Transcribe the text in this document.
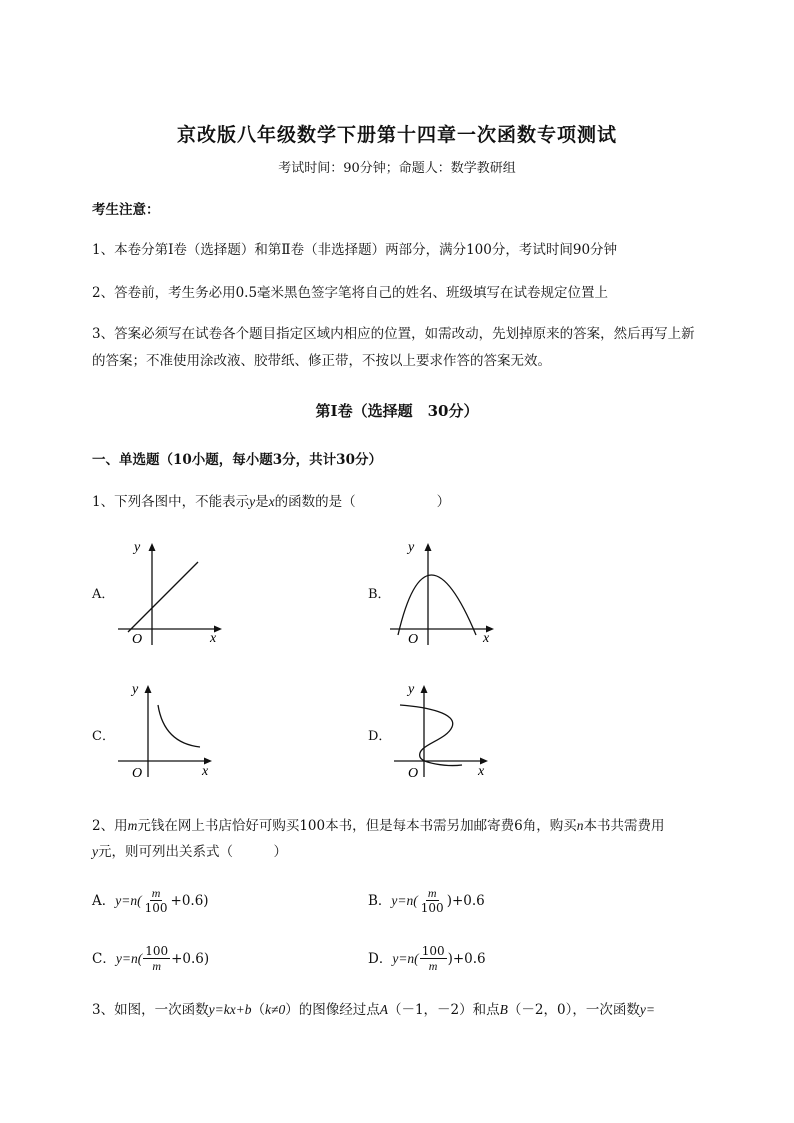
京改版八年级数学下册第十四章一次函数专项测试
考试时间：90分钟；命题人：数学教研组
考生注意：
1、本卷分第I卷（选择题）和第Ⅱ卷（非选择题）两部分，满分100分，考试时间90分钟
2、答卷前，考生务必用0.5毫米黑色签字笔将自己的姓名、班级填写在试卷规定位置上
3、答案必须写在试卷各个题目指定区域内相应的位置，如需改动，先划掉原来的答案，然后再写上新
的答案；不准使用涂改液、胶带纸、修正带，不按以上要求作答的答案无效。
第I卷（选择题　30分）
一、单选题（10小题，每小题3分，共计30分）
1、下列各图中，不能表示y是x的函数的是（　　　　　　）
A．	B．
C．	D．
y
x
O
y
x
O
y
x
O
y
x
O
2、用m元钱在网上书店恰好可购买100本书，但是每本书需另加邮寄费6角，购买n本书共需费用
y元，则可列出关系式（　　　）
A． $y=n( \frac{m}{100} +0.6)$	B． $y=n( \frac{m}{100} )+0.6$
C． $y=n( \frac{100}{m} +0.6)$	D． $y=n( \frac{100}{m} )+0.6$
3、如图，一次函数y=kx+b（k≠0）的图像经过点A（－1，－2）和点B（－2，0），一次函数y=
